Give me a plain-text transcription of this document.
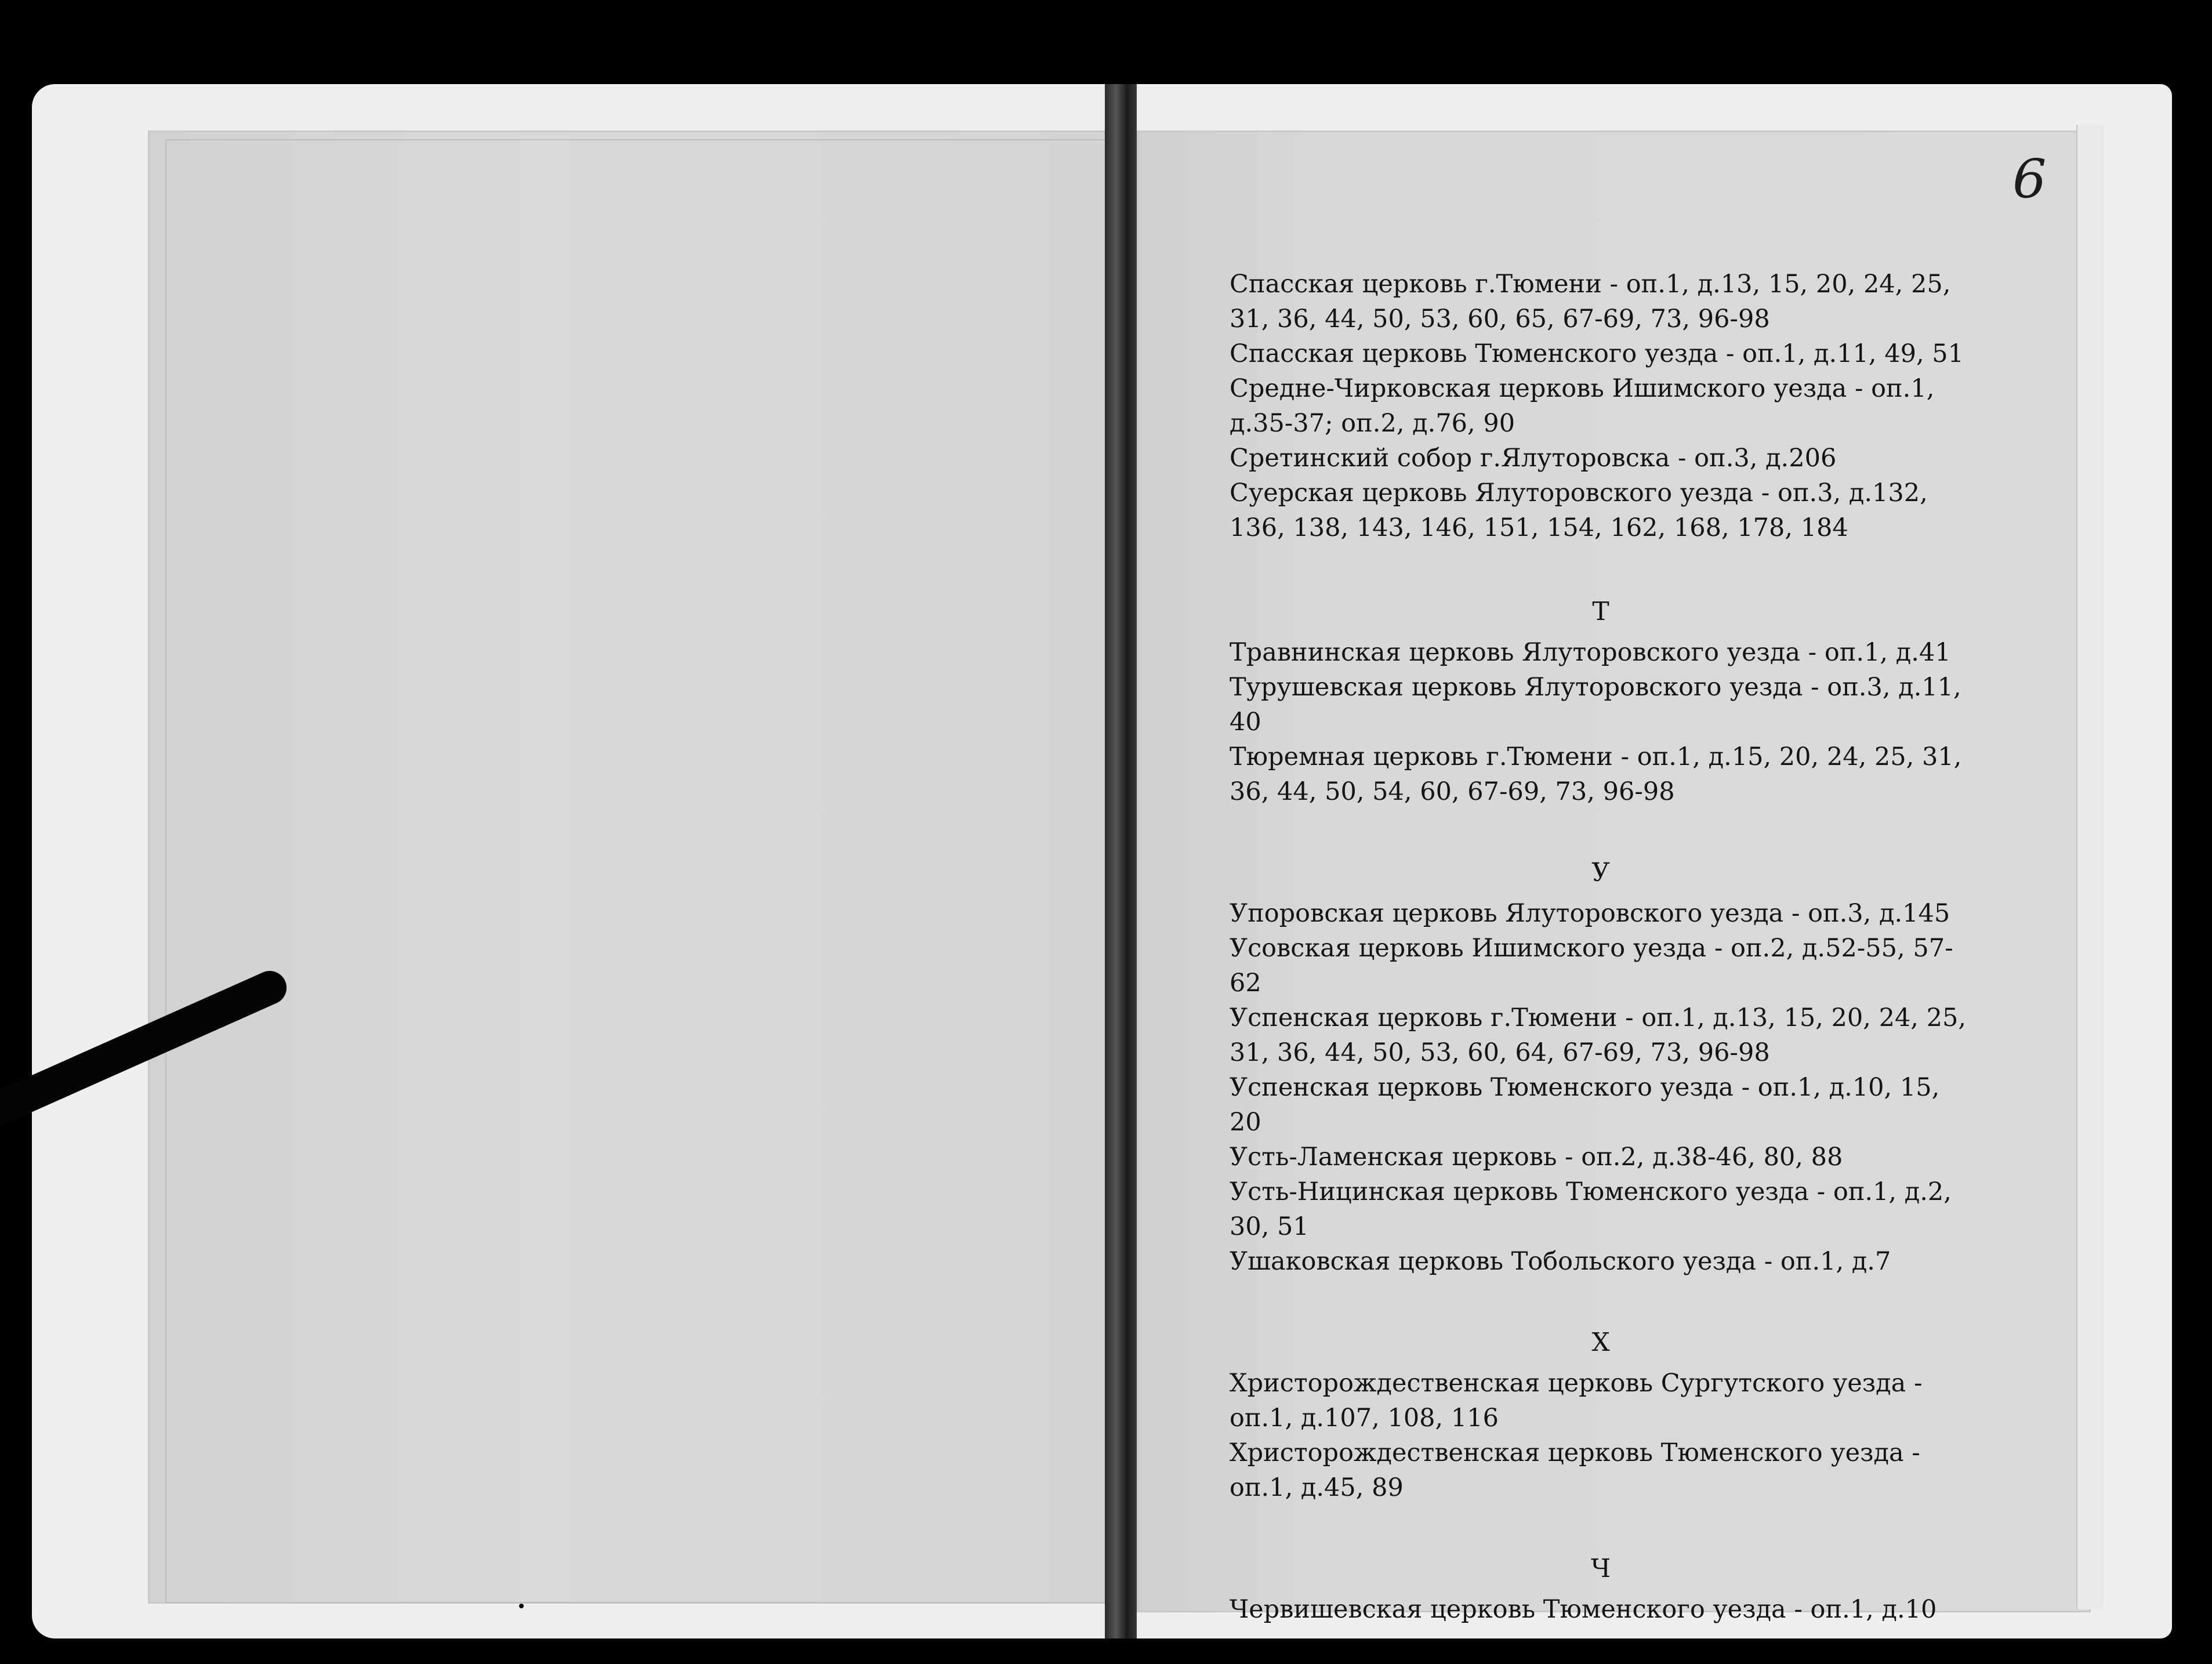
6

Спасская церковь г.Тюмени - оп.1, д.13, 15, 20, 24, 25, 31, 36, 44, 50, 53, 60, 65, 67-69, 73, 96-98

Спасская церковь Тюменского уезда - оп.1, д.11, 49, 51

Средне-Чирковская церковь Ишимского уезда - оп.1, д.35-37; оп.2, д.76, 90

Сретинский собор г.Ялуторовска - оп.3, д.206

Суерская церковь Ялуторовского уезда - оп.3, д.132, 136, 138, 143, 146, 151, 154, 162, 168, 178, 184

Т

Травнинская церковь Ялуторовского уезда - оп.1, д.41

Турушевская церковь Ялуторовского уезда - оп.3, д.11, 40

Тюремная церковь г.Тюмени - оп.1, д.15, 20, 24, 25, 31, 36, 44, 50, 54, 60, 67-69, 73, 96-98

У

Упоровская церковь Ялуторовского уезда - оп.3, д.145

Усовская церковь Ишимского уезда - оп.2, д.52-55, 57-62

Успенская церковь г.Тюмени - оп.1, д.13, 15, 20, 24, 25, 31, 36, 44, 50, 53, 60, 64, 67-69, 73, 96-98

Успенская церковь Тюменского уезда - оп.1, д.10, 15, 20

Усть-Ламенская церковь - оп.2, д.38-46, 80, 88

Усть-Ницинская церковь Тюменского уезда - оп.1, д.2, 30, 51

Ушаковская церковь Тобольского уезда - оп.1, д.7

Х

Христорождественская церковь Сургутского уезда - оп.1, д.107, 108, 116

Христорождественская церковь Тюменского уезда - оп.1, д.45, 89

Ч

Червишевская церковь Тюменского уезда - оп.1, д.10
